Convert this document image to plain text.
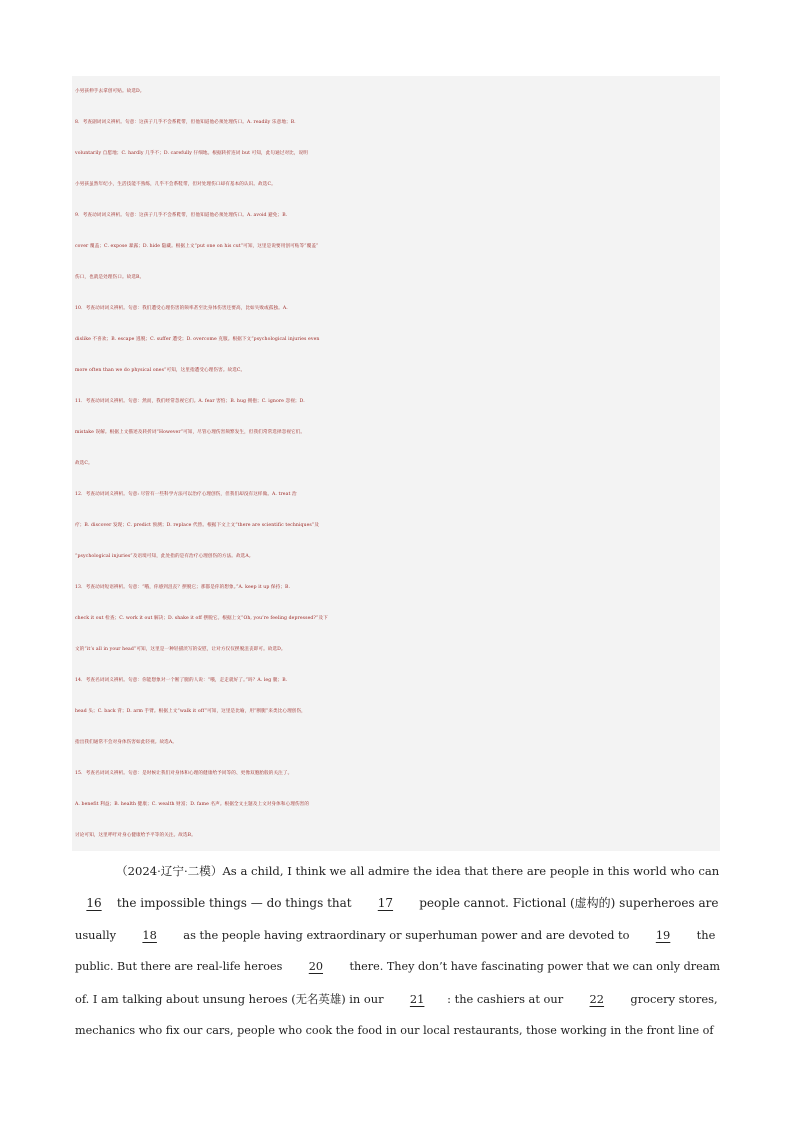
小男孩伸手去拿创可贴。故选D。
8．考查副词词义辨析。句意：这孩子几乎不会系鞋带，但他知道他必须处理伤口。A. readily 乐意地；B.
voluntarily 自愿地；C. hardly 几乎不；D. carefully 仔细地。根据转折连词 but 可知，此句通过对比，说明
小男孩虽然年纪小，生活技能不熟练，几乎不会系鞋带，但对处理伤口却有基本的认识。故选C。
9．考查动词词义辨析。句意：这孩子几乎不会系鞋带，但他知道他必须处理伤口。A. avoid 避免；B.
cover 覆盖；C. expose 暴露；D. hide 隐藏。根据上文“put one on his cut”可知，这里是说要用创可贴等“覆盖”
伤口，也就是处理伤口。故选B。
10．考查动词词义辨析。句意：我们遭受心理伤害的频率甚至比身体伤害还要高，比如失败或孤独。A.
dislike 不喜欢；B. escape 逃脱；C. suffer 遭受；D. overcome 克服。根据下文“psychological injuries even
more often than we do physical ones”可知，这里指遭受心理伤害。故选C。
11．考查动词词义辨析。句意：然而，我们经常忽视它们。A. fear 害怕；B. hug 拥抱；C. ignore 忽视；D.
mistake 误解。根据上文描述及转折词“However”可知，尽管心理伤害频繁发生，但我们常常选择忽视它们。
故选C。
12．考查动词词义辨析。句意: 尽管有一些科学方法可以治疗心理创伤，但我们却没有这样做。A. treat 治
疗；B. discover 发现；C. predict 预测；D. replace 代替。根据下文上文“there are scientific techniques”及
“psychological injuries”及语境可知，此处指的是有治疗心理创伤的方法。故选A。
13．考查动词短语辨析。句意：“哦，你感到沮丧？摆脱它；那都是你的想象。”A. keep it up 保持；B.
check it out 检查；C. work it out 解决；D. shake it off 摆脱它。根据上文“Oh, you’re feeling depressed?”及下
文的“it’s all in your head”可知，这里是一种轻描淡写的安慰，让对方仅仅摆脱沮丧即可。故选D。
14．考查名词词义辨析。句意：你能想象对一个断了腿的人说：“哦，走走就好了。”吗？A. leg 腿；B.
head 头；C. back 背；D. arm 手臂。根据上文“walk it off”可知，这里是比喻，用“断腿”来类比心理创伤，
指出我们通常不会对身体伤害如此轻视。故选A。
15．考查名词词义辨析。句意：是时候让我们对身体和心理的健康给予同等的、更像双胞胎般的关注了。
A. benefit 利益；B. health 健康；C. wealth 财富；D. fame 名声。根据全文主题及上文对身体和心理伤害的
讨论可知，这里呼吁对身心健康给予平等的关注。故选B。
（2024·辽宁·二模）As a child, I think we all admire the idea that there are people in this world who can
16 the impossible things — do things that 17 people cannot. Fictional (虚构的) superheroes are
usually 18 as the people having extraordinary or superhuman power and are devoted to 19 the
public. But there are real-life heroes 20 there. They don’t have fascinating power that we can only dream
of. I am talking about unsung heroes (无名英雄) in our 21 : the cashiers at our 22 grocery stores,
mechanics who fix our cars, people who cook the food in our local restaurants, those working in the front line of
